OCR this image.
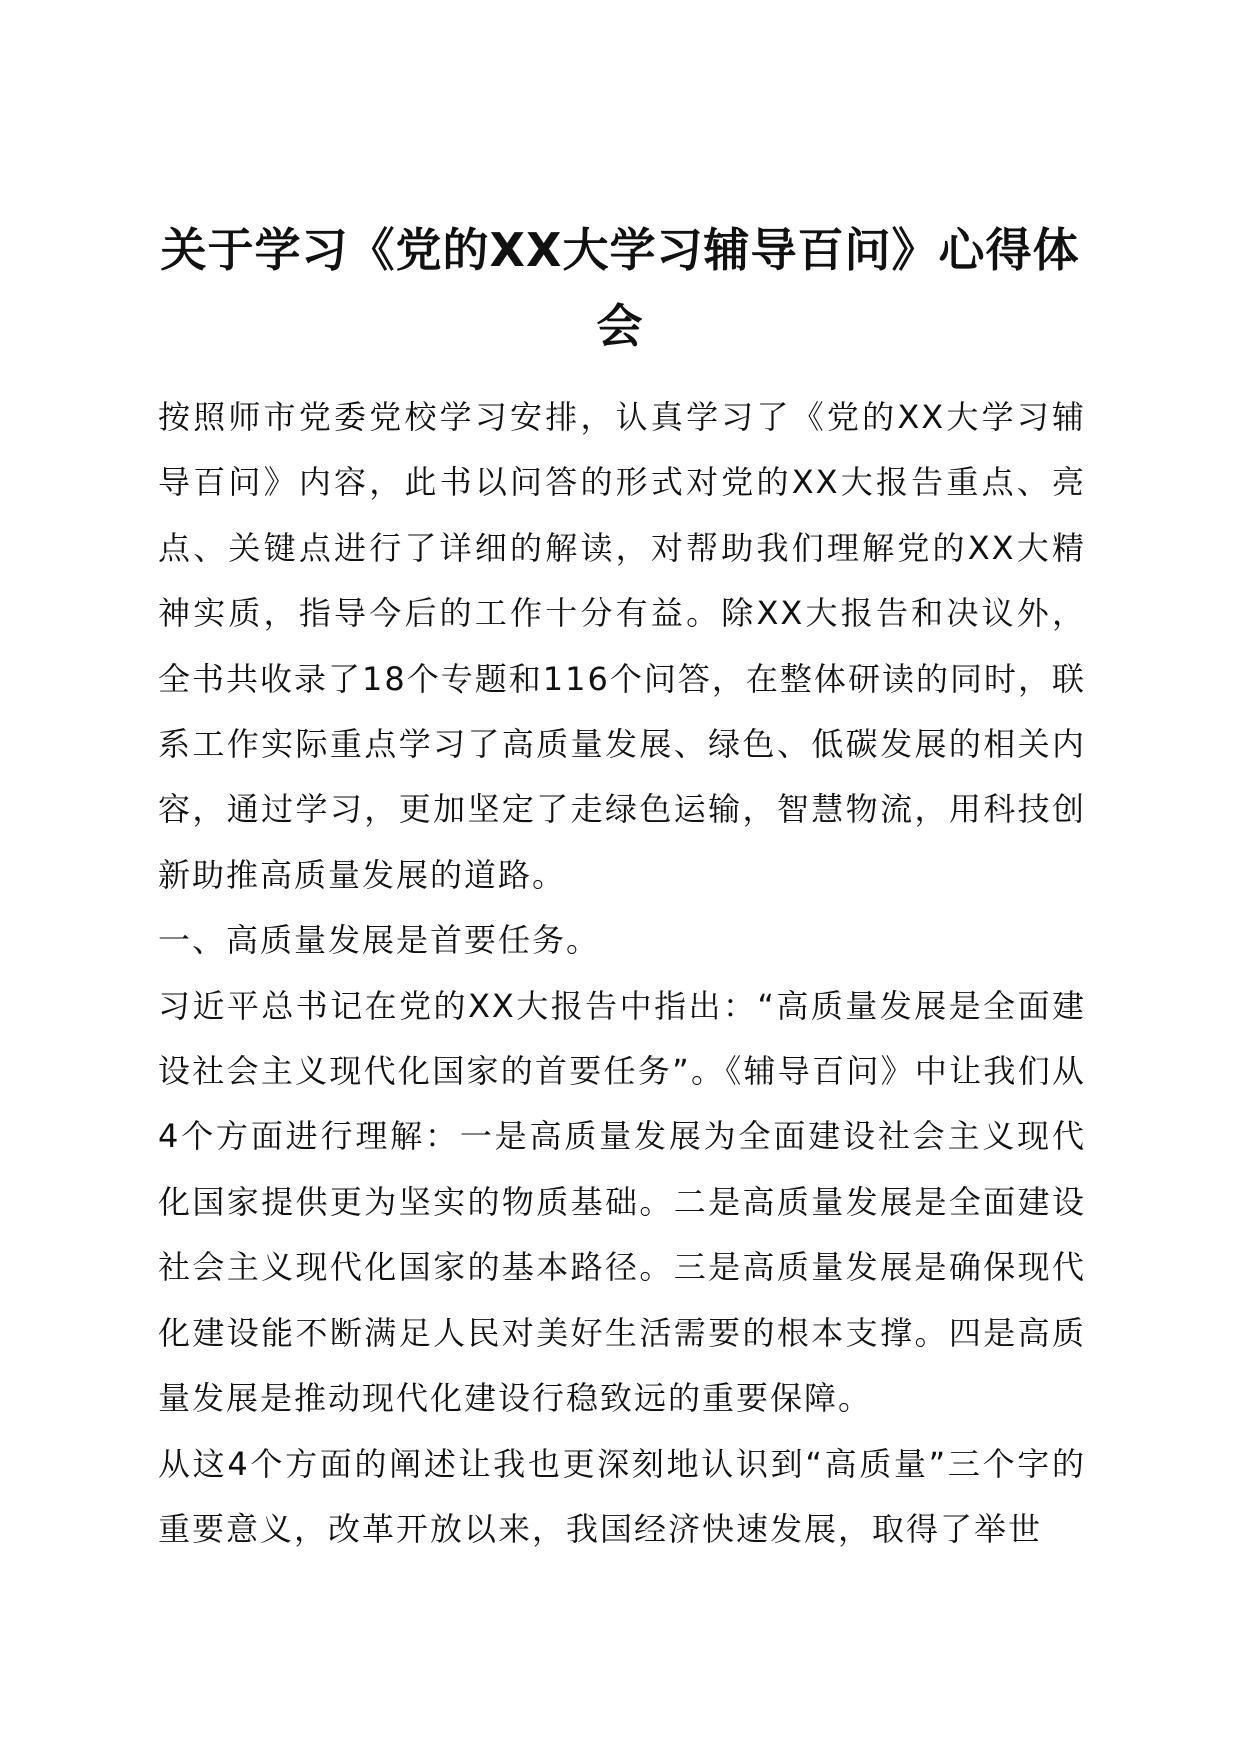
关于学习《党的XX大学习辅导百问》心得体会

按照师市党委党校学习安排，认真学习了《党的XX大学习辅导百问》内容，此书以问答的形式对党的XX大报告重点、亮点、关键点进行了详细的解读，对帮助我们理解党的XX大精神实质，指导今后的工作十分有益。除XX大报告和决议外，全书共收录了18个专题和116个问答，在整体研读的同时，联系工作实际重点学习了高质量发展、绿色、低碳发展的相关内容，通过学习，更加坚定了走绿色运输，智慧物流，用科技创新助推高质量发展的道路。

一、高质量发展是首要任务。

习近平总书记在党的XX大报告中指出：“高质量发展是全面建设社会主义现代化国家的首要任务”。《辅导百问》中让我们从4个方面进行理解：一是高质量发展为全面建设社会主义现代化国家提供更为坚实的物质基础。二是高质量发展是全面建设社会主义现代化国家的基本路径。三是高质量发展是确保现代化建设能不断满足人民对美好生活需要的根本支撑。四是高质量发展是推动现代化建设行稳致远的重要保障。

从这4个方面的阐述让我也更深刻地认识到“高质量”三个字的重要意义，改革开放以来，我国经济快速发展，取得了举世
